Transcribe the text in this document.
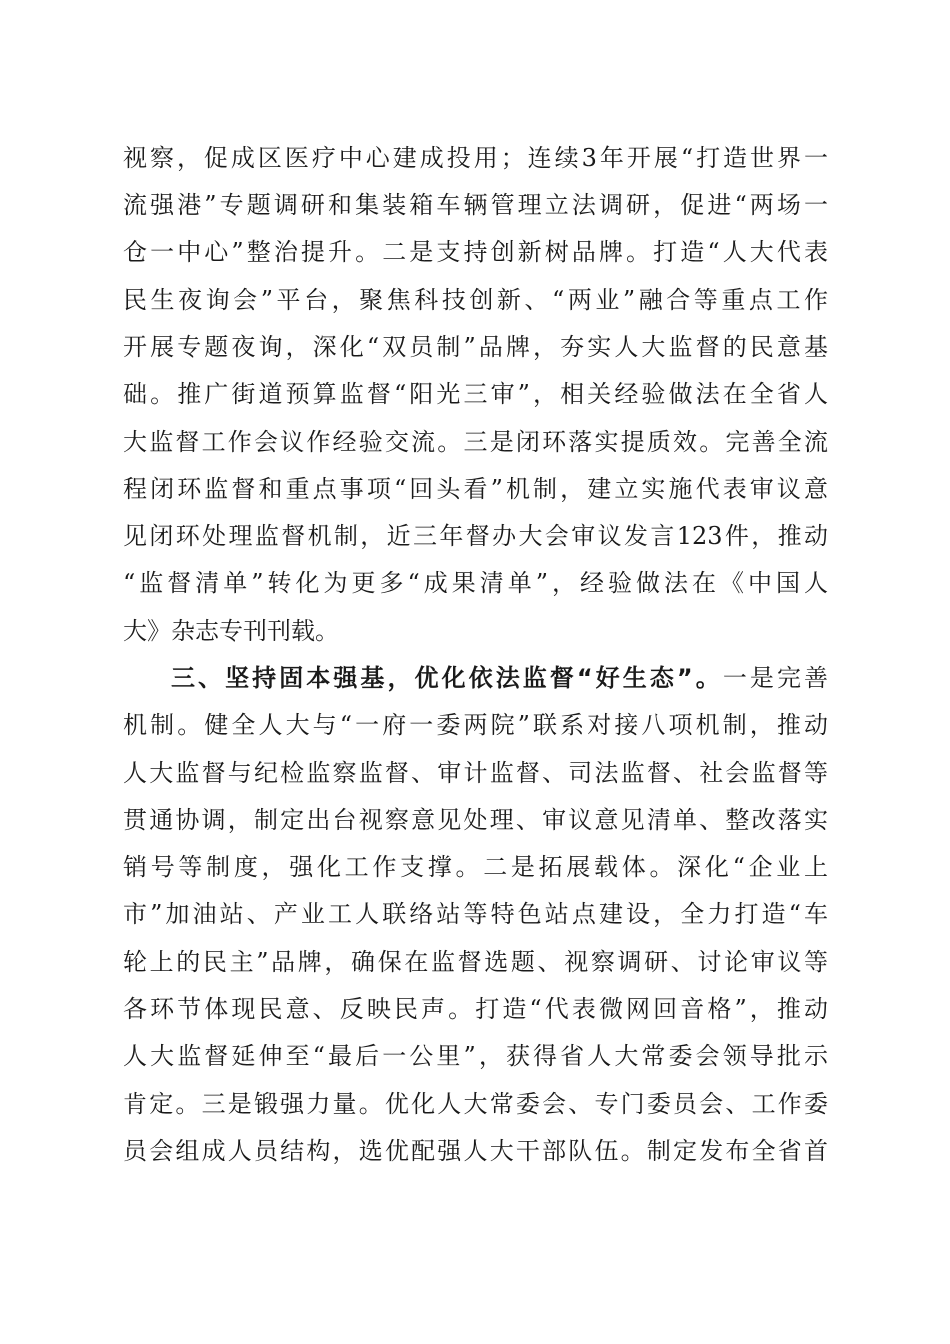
视察，促成区医疗中心建成投用；连续3年开展“打造世界一
流强港”专题调研和集装箱车辆管理立法调研，促进“两场一
仓一中心”整治提升。二是支持创新树品牌。打造“人大代表
民生夜询会”平台，聚焦科技创新、“两业”融合等重点工作
开展专题夜询，深化“双员制”品牌，夯实人大监督的民意基
础。推广街道预算监督“阳光三审”，相关经验做法在全省人
大监督工作会议作经验交流。三是闭环落实提质效。完善全流
程闭环监督和重点事项“回头看”机制，建立实施代表审议意
见闭环处理监督机制，近三年督办大会审议发言123件，推动
“监督清单”转化为更多“成果清单”，经验做法在《中国人
大》杂志专刊刊载。
三、坚持固本强基，优化依法监督“好生态”。一是完善
机制。健全人大与“一府一委两院”联系对接八项机制，推动
人大监督与纪检监察监督、审计监督、司法监督、社会监督等
贯通协调，制定出台视察意见处理、审议意见清单、整改落实
销号等制度，强化工作支撑。二是拓展载体。深化“企业上
市”加油站、产业工人联络站等特色站点建设，全力打造“车
轮上的民主”品牌，确保在监督选题、视察调研、讨论审议等
各环节体现民意、反映民声。打造“代表微网回音格”，推动
人大监督延伸至“最后一公里”，获得省人大常委会领导批示
肯定。三是锻强力量。优化人大常委会、专门委员会、工作委
员会组成人员结构，选优配强人大干部队伍。制定发布全省首
